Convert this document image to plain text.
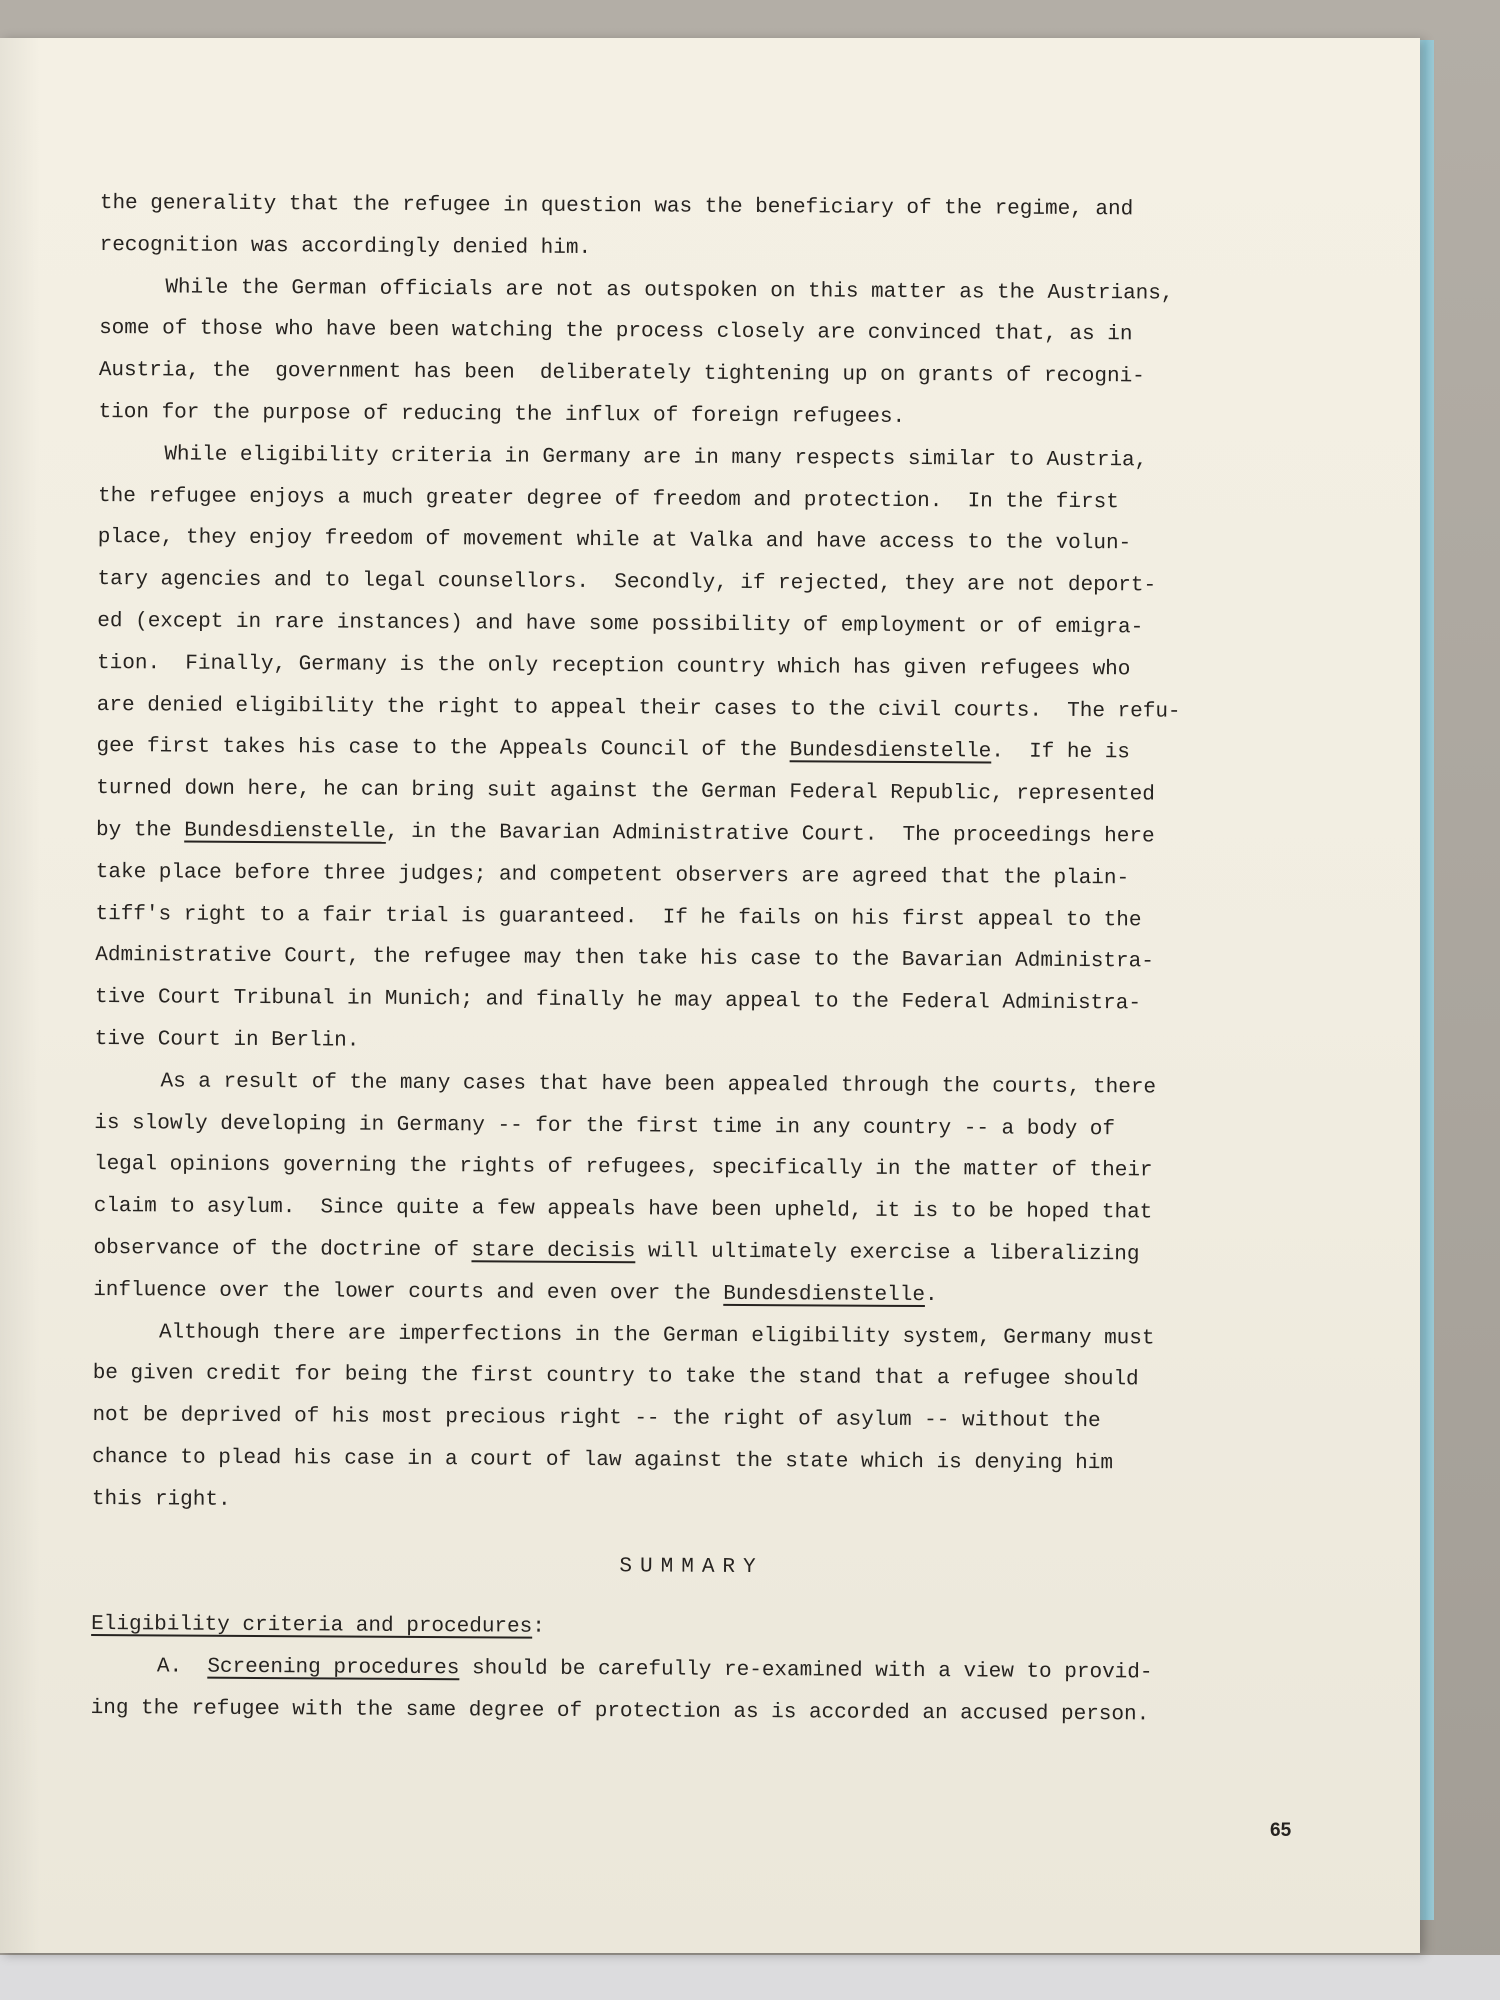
the generality that the refugee in question was the beneficiary of the regime, and
recognition was accordingly denied him.
While the German officials are not as outspoken on this matter as the Austrians,
some of those who have been watching the process closely are convinced that, as in
Austria, the  government has been  deliberately tightening up on grants of recogni-
tion for the purpose of reducing the influx of foreign refugees.
While eligibility criteria in Germany are in many respects similar to Austria,
the refugee enjoys a much greater degree of freedom and protection.  In the first
place, they enjoy freedom of movement while at Valka and have access to the volun-
tary agencies and to legal counsellors.  Secondly, if rejected, they are not deport-
ed (except in rare instances) and have some possibility of employment or of emigra-
tion.  Finally, Germany is the only reception country which has given refugees who
are denied eligibility the right to appeal their cases to the civil courts.  The refu-
gee first takes his case to the Appeals Council of the Bundesdienstelle.  If he is
turned down here, he can bring suit against the German Federal Republic, represented
by the Bundesdienstelle, in the Bavarian Administrative Court.  The proceedings here
take place before three judges; and competent observers are agreed that the plain-
tiff's right to a fair trial is guaranteed.  If he fails on his first appeal to the
Administrative Court, the refugee may then take his case to the Bavarian Administra-
tive Court Tribunal in Munich; and finally he may appeal to the Federal Administra-
tive Court in Berlin.
As a result of the many cases that have been appealed through the courts, there
is slowly developing in Germany -- for the first time in any country -- a body of
legal opinions governing the rights of refugees, specifically in the matter of their
claim to asylum.  Since quite a few appeals have been upheld, it is to be hoped that
observance of the doctrine of stare decisis will ultimately exercise a liberalizing
influence over the lower courts and even over the Bundesdienstelle.
Although there are imperfections in the German eligibility system, Germany must
be given credit for being the first country to take the stand that a refugee should
not be deprived of his most precious right -- the right of asylum -- without the
chance to plead his case in a court of law against the state which is denying him
this right.
SUMMARY
Eligibility criteria and procedures:
A.  Screening procedures should be carefully re-examined with a view to provid-
ing the refugee with the same degree of protection as is accorded an accused person.
65
